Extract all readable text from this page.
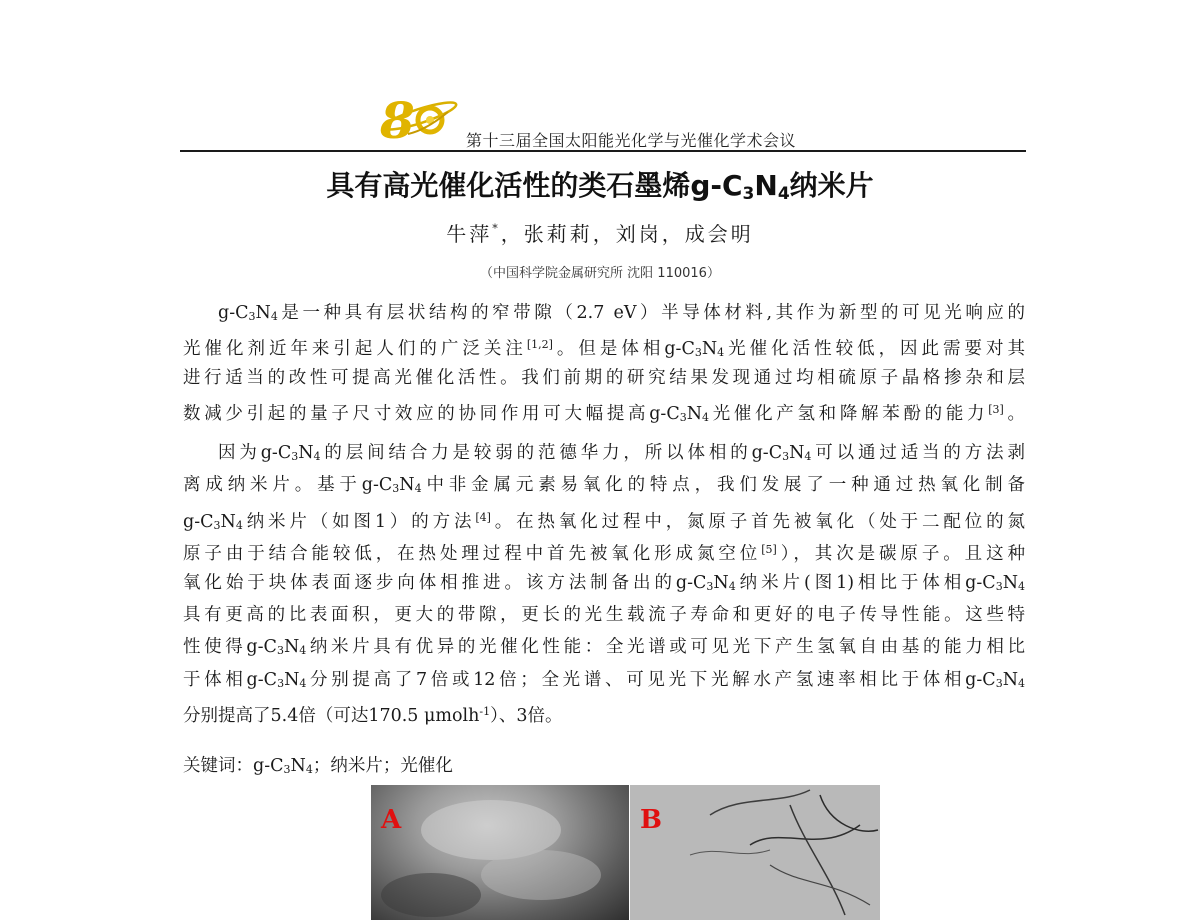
8	第十三届全国太阳能光化学与光催化学术会议
具有高光催化活性的类石墨烯$g-C_3N_4$纳米片
牛萍*，张莉莉，刘岗，成会明
（中国科学院金属研究所 沈阳 110016）
$g-C_3N_4$是一种具有层状结构的窄带隙（2.7 eV）半导体材料,其作为新型的可见光响应的
光催化剂近年来引起人们的广泛关注[1,2]。但是体相$g-C_3N_4$光催化活性较低，因此需要对其
进行适当的改性可提高光催化活性。我们前期的研究结果发现通过均相硫原子晶格掺杂和层
数减少引起的量子尺寸效应的协同作用可大幅提高$g-C_3N_4$光催化产氢和降解苯酚的能力[3]。
因为$g-C_3N_4$的层间结合力是较弱的范德华力，所以体相的$g-C_3N_4$可以通过适当的方法剥
离成纳米片。基于$g-C_3N_4$中非金属元素易氧化的特点，我们发展了一种通过热氧化制备
$g-C_3N_4$纳米片（如图1）的方法[4]。在热氧化过程中，氮原子首先被氧化（处于二配位的氮
原子由于结合能较低，在热处理过程中首先被氧化形成氮空位[5]），其次是碳原子。且这种
氧化始于块体表面逐步向体相推进。该方法制备出的$g-C_3N_4$纳米片(图1)相比于体相$g-C_3N_4$
具有更高的比表面积，更大的带隙，更长的光生载流子寿命和更好的电子传导性能。这些特
性使得$g-C_3N_4$纳米片具有优异的光催化性能：全光谱或可见光下产生氢氧自由基的能力相比
于体相$g-C_3N_4$分别提高了7倍或12倍；全光谱、可见光下光解水产氢速率相比于体相$g-C_3N_4$
分别提高了5.4倍（可达170.5 μmolh$^{-1}$）、3倍。
关键词：$g-C_3N_4$；纳米片；光催化
A	B
